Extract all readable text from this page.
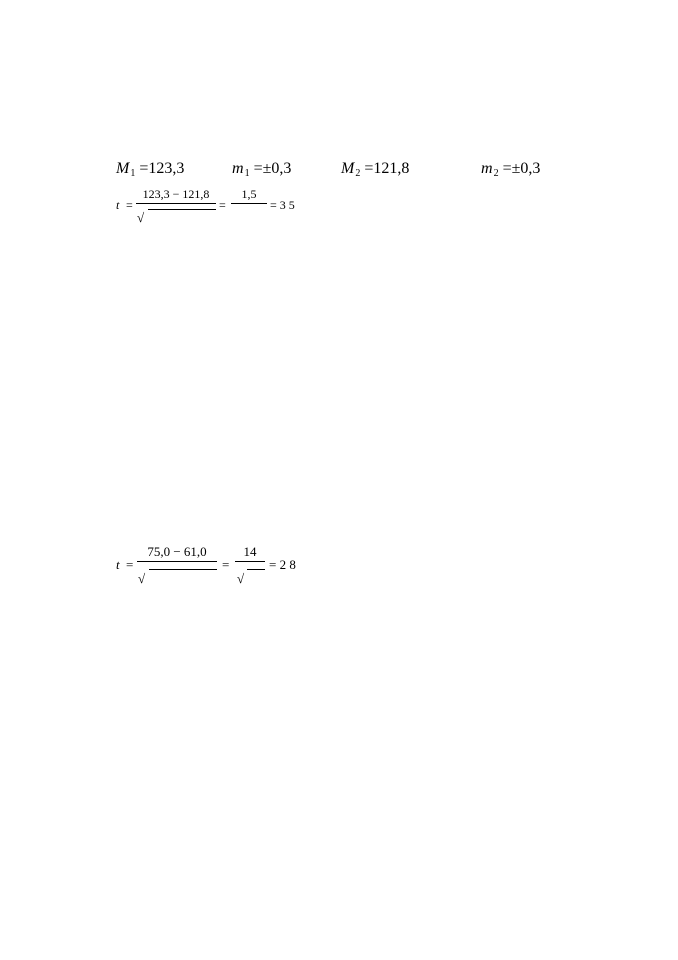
M1 =123,3	m1 =±0,3	M2 =121,8	m2 =±0,3
t =
123,3 − 121,8
√
=
1,5
= 3 5
t =
75,0 − 61,0
√
=
14
√
= 2 8
